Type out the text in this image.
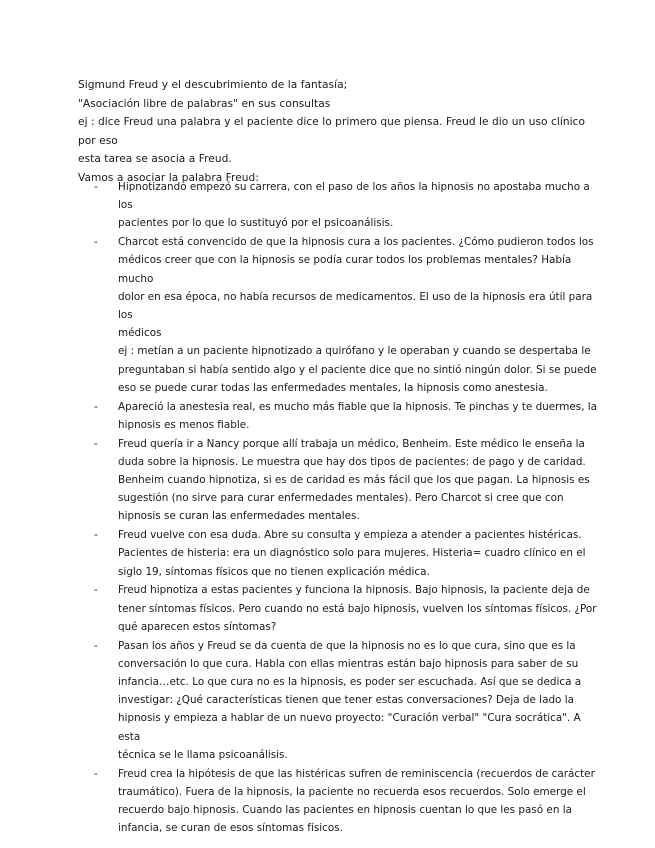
Sigmund Freud y el descubrimiento de la fantasía;

"Asociación libre de palabras" en sus consultas

ej : dice Freud una palabra y el paciente dice lo primero que piensa. Freud le dio un uso clínico por eso

esta tarea se asocia a Freud.

Vamos a asociar la palabra Freud:

- Hipnotizando empezó su carrera, con el paso de los años la hipnosis no apostaba mucho a los
pacientes por lo que lo sustituyó por el psicoanálisis.
- Charcot está convencido de que la hipnosis cura a los pacientes. ¿Cómo pudieron todos los
médicos creer que con la hipnosis se podía curar todos los problemas mentales? Había mucho
dolor en esa época, no había recursos de medicamentos. El uso de la hipnosis era útil para los
médicos
ej : metían a un paciente hipnotizado a quirófano y le operaban y cuando se despertaba le
preguntaban si había sentido algo y el paciente dice que no sintió ningún dolor. Si se puede
eso se puede curar todas las enfermedades mentales, la hipnosis como anestesia.
- Apareció la anestesia real, es mucho más fiable que la hipnosis. Te pinchas y te duermes, la
hipnosis es menos fiable.
- Freud quería ir a Nancy porque allí trabaja un médico, Benheim. Este médico le enseña la
duda sobre la hipnosis. Le muestra que hay dos tipos de pacientes: de pago y de caridad.
Benheim cuando hipnotiza, si es de caridad es más fácil que los que pagan. La hipnosis es
sugestión (no sirve para curar enfermedades mentales). Pero Charcot si cree que con
hipnosis se curan las enfermedades mentales.
- Freud vuelve con esa duda. Abre su consulta y empieza a atender a pacientes histéricas.
Pacientes de histeria: era un diagnóstico solo para mujeres. Histeria= cuadro clínico en el
siglo 19, síntomas físicos que no tienen explicación médica.
- Freud hipnotiza a estas pacientes y funciona la hipnosis. Bajo hipnosis, la paciente deja de
tener síntomas físicos. Pero cuando no está bajo hipnosis, vuelven los síntomas físicos. ¿Por
qué aparecen estos síntomas?
- Pasan los años y Freud se da cuenta de que la hipnosis no es lo que cura, sino que es la
conversación lo que cura. Habla con ellas mientras están bajo hipnosis para saber de su
infancia…etc. Lo que cura no es la hipnosis, es poder ser escuchada. Así que se dedica a
investigar: ¿Qué características tienen que tener estas conversaciones? Deja de lado la
hipnosis y empieza a hablar de un nuevo proyecto: "Curación verbal" "Cura socrática". A esta
técnica se le llama psicoanálisis.
- Freud crea la hipótesis de que las histéricas sufren de reminiscencia (recuerdos de carácter
traumático). Fuera de la hipnosis, la paciente no recuerda esos recuerdos. Solo emerge el
recuerdo bajo hipnosis. Cuando las pacientes en hipnosis cuentan lo que les pasó en la
infancia, se curan de esos síntomas físicos.
